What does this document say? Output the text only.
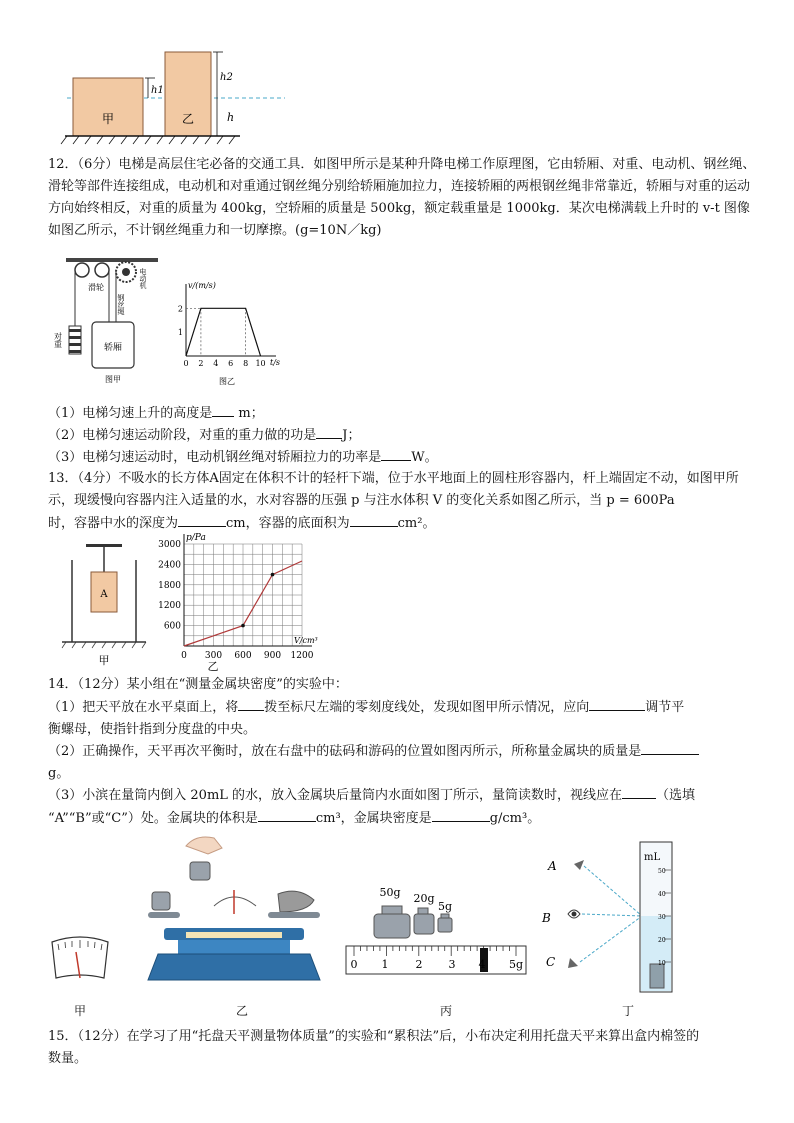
甲	乙
h1
h2
h

12．（6分）电梯是高层住宅必备的交通工具．如图甲所示是某种升降电梯工作原理图，它由轿厢、对重、电动机、钢丝绳、滑轮等部件连接组成，电动机和对重通过钢丝绳分别给轿厢施加拉力，连接轿厢的两根钢丝绳非常靠近，轿厢与对重的运动方向始终相反，对重的质量为 400kg，空轿厢的质量是 500kg，额定载重量是 1000kg．某次电梯满载上升时的 v-t 图像如图乙所示，不计钢丝绳重力和一切摩擦。(g=10N／kg)

轿厢
滑轮	电动机
钢丝绳
对重
图甲
v/(m/s)
t/s
0 2 4 6 8 10
1
2
图乙

（1）电梯匀速上升的高度是 m；

（2）电梯匀速运动阶段，对重的重力做的功是 J；

（3）电梯匀速运动时，电动机钢丝绳对轿厢拉力的功率是 W。

13．（4分）不吸水的长方体A固定在体积不计的轻杆下端，位于水平地面上的圆柱形容器内，杆上端固定不动，如图甲所示，现缓慢向容器内注入适量的水，水对容器的压强 p 与注水体积 V 的变化关系如图乙所示，当 p = 600Pa
时，容器中水的深度为	cm，容器的底面积为	cm²。

A
甲
p/Pa
V/cm³
0 300 600 900 1200
600
1200
1800
2400
3000
乙

14．（12分）某小组在“测量金属块密度”的实验中：

（1）把天平放在水平桌面上，将 拨至标尺左端的零刻度线处，发现如图甲所示情况，应向	调节平
衡螺母，使指针指到分度盘的中央。

（2）正确操作，天平再次平衡时，放在右盘中的砝码和游码的位置如图丙所示，所称量金属块的质量是
g。

（3）小滨在量筒内倒入 20mL 的水，放入金属块后量筒内水面如图丁所示，量筒读数时，视线应在	（选填
“A”“B”或“C”）处。金属块的体积是	cm³，金属块密度是	g/cm³。

50g 20g
5g
0 1 2 3 4 5g
A
B
C
mL
50
40
30
20
10
甲	乙	丙	丁

15．（12分）在学习了用“托盘天平测量物体质量”的实验和“累积法”后，小布决定利用托盘天平来算出盒内棉签的
数量。
